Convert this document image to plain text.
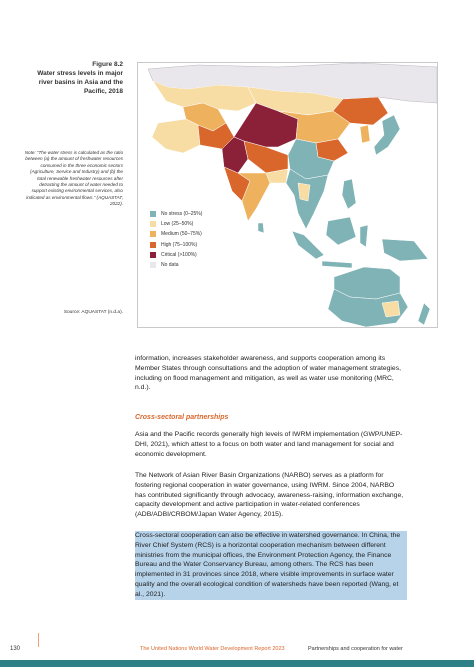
Figure 8.2
Water stress levels in major river basins in Asia and the Pacific, 2018
Note: “The water stress is calculated as the ratio between (a) the amount of freshwater resources consumed in the three economic sectors (Agriculture, Service and Industry) and (b) the total renewable freshwater resources after detracting the amount of water needed to support existing environmental services, also indicated as environmental flows.” (AQUASTAT, 2022).
Source: AQUASTAT (n.d.a).
No stress (0–25%)
Low (25–50%)
Medium (50–75%)
High (75–100%)
Critical (>100%)
No data

information, increases stakeholder awareness, and supports cooperation among its Member States through consultations and the adoption of water management strategies, including on flood management and mitigation, as well as water use monitoring (MRC, n.d.).

Cross-sectoral partnerships

Asia and the Pacific records generally high levels of IWRM implementation (GWP/UNEP-DHI, 2021), which attest to a focus on both water and land management for social and economic development.

The Network of Asian River Basin Organizations (NARBO) serves as a platform for fostering regional cooperation in water governance, using IWRM. Since 2004, NARBO has contributed significantly through advocacy, awareness-raising, information exchange, capacity development and active participation in water-related conferences (ADB/ADBI/CRBOM/Japan Water Agency, 2015).

Cross-sectoral cooperation can also be effective in watershed governance. In China, the River Chief System (RCS) is a horizontal cooperation mechanism between different ministries from the municipal offices, the Environment Protection Agency, the Finance Bureau and the Water Conservancy Bureau, among others. The RCS has been implemented in 31 provinces since 2018, where visible improvements in surface water quality and the overall ecological condition of watersheds have been reported (Wang, et al., 2021).

130	The United Nations World Water Development Report 2023	Partnerships and cooperation for water
